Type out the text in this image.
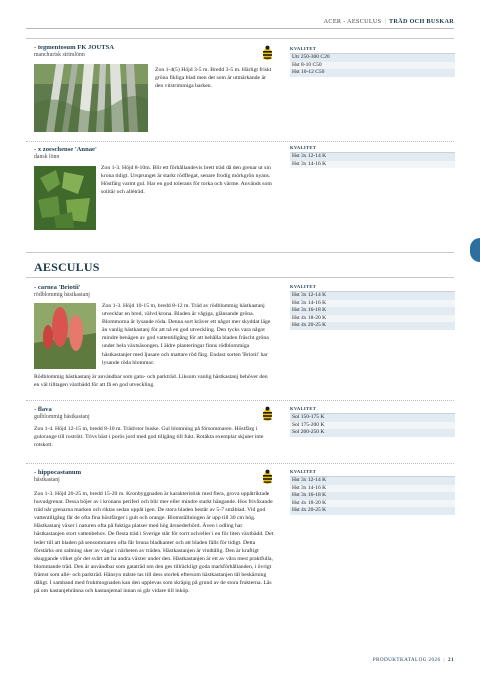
ACER - AESCULUS | TRÄD OCH BUSKAR
- tegmentosum FK JOUTSA
manchurisk strimlönn
Zon 1-4(5) Höjd 3-5 m. Bredd 3-5 m. Härligt friskt gröna fikliga blad men det som är utmärkande är den vitstrimmiga barken.
KVALITET
Utr 250-300 C20
Hst 8-10 C50
Hst 10-12 C50
- x zoeschense 'Annae'
dansk lönn
Zon 1-3. Höjd 8-10m. Blir ett förhållandevis brett träd då den grenar ut sin krona tidigt. Ursprunget är starkt rödflegat, senare frodig mörkgrön nyans. Höstfärg varmt gul. Har en god tolerans för torka och värme. Används som solitär och alléträd.
KVALITET
Hst 3x 12-14 K
Hst 3x 14-16 K
AESCULUS
- carnea 'Briotii'
rödblommig hästkastanj
Zon 1-3. Höjd 10-15 m, bredd 8-12 m. Träd av rödblommig hästkastanj utvecklar en bred, välvd krona. Bladen är vågiga, glänsande gröna. Blommorna är lysande röda. Denna sort kräver ett något mer skyddat läge än vanlig hästkastanj för att nå en god utveckling. Den tycks vara något mindre benägen av god vattentillgång för att behålla bladen fräscht gröna under hela växtsäsongen. I äldre planteringar finns rödblommiga hästkastanjer med ljusare och mattare röd färg. Endast sorten 'Briotii' har lysande röda blommor.
Rödblommig hästkastanj är användbar som gatu- och parkträd. Liksom vanlig hästkastanj behöver den en väl tilltagen växtbädd för att få en god utveckling.
KVALITET
Hst 3x 12-14 K
Hst 3x 14-16 K
Hst 3x 16-18 K
Hst 4x 18-20 K
Hst 4x 20-25 K
- flava
gulblommig hästkastanj
Zon 1-4. Höjd 12-15 m, bredd 8-10 m. Träd/stor buske. Gul blomning på försommaren. Höstfärg i gulorange till rostrött. Trivs bäst i porös jord med god tillgång till fukt. Rotäkta exemplar skjuter inte rotskott.
KVALITET
Sol 150-175 K
Sol 175-200 K
Sol 200-250 K
- hippocastanum
hästkastanj
Zon 1-3. Höjd 20-25 m, bredd 15-20 m. Kronbyggnaden är karakteristisk med flera, grova uppåtriktade huvudgrenar. Dessa böjer av i kronans periferi och blir mer eller mindre starkt hängande. Hos frivåxande träd når grenarna marken och riktas sedan uppåt igen. De stora bladen består av 5-7 småblad. Vid god vattentillgång får de ofta fina höstfärger i gult och orange. Blomställningen är upp till 30 cm hög. Hästkastanj växer i naturen ofta på fuktiga platser med hög årsnederbörd. Även i odling har hästkastanjen stort vattenbehov. De flesta träd i Sverige står för torrt och/eller i en för liten växtbädd. Det leder till att bladen på sensommaren ofta får bruna bladkanter och att bladen fälls för tidigt. Detta förstärks om saltning sker av vägar i närheten av träden. Hästkastanjen är vindtålig. Den är kraftigt skuggande vilket gör det svårt att ha andra växter under den. Hästkastanjen är ett av våra mest praktfulla, blommande träd. Den är användbar som gataträd om den ges tillräckligt goda markförhållanden, i övrigt främst som allé- och parkträd. Hänsyn måste tas till dess storlek eftersom hästkastanjen tål beskärning dåligt. I samband med fruktmognaden kan den upplevas som skräpig på grund av de stora frukterna. Läs på om kastanjebränna och kastanjemal innan ni går vidare till inköp.
KVALITET
Hst 3x 12-14 K
Hst 3x 14-16 K
Hst 3x 16-18 K
Hst 4x 18-20 K
Hst 4x 20-25 K
PRODUKTKATALOG 2026 | 21
